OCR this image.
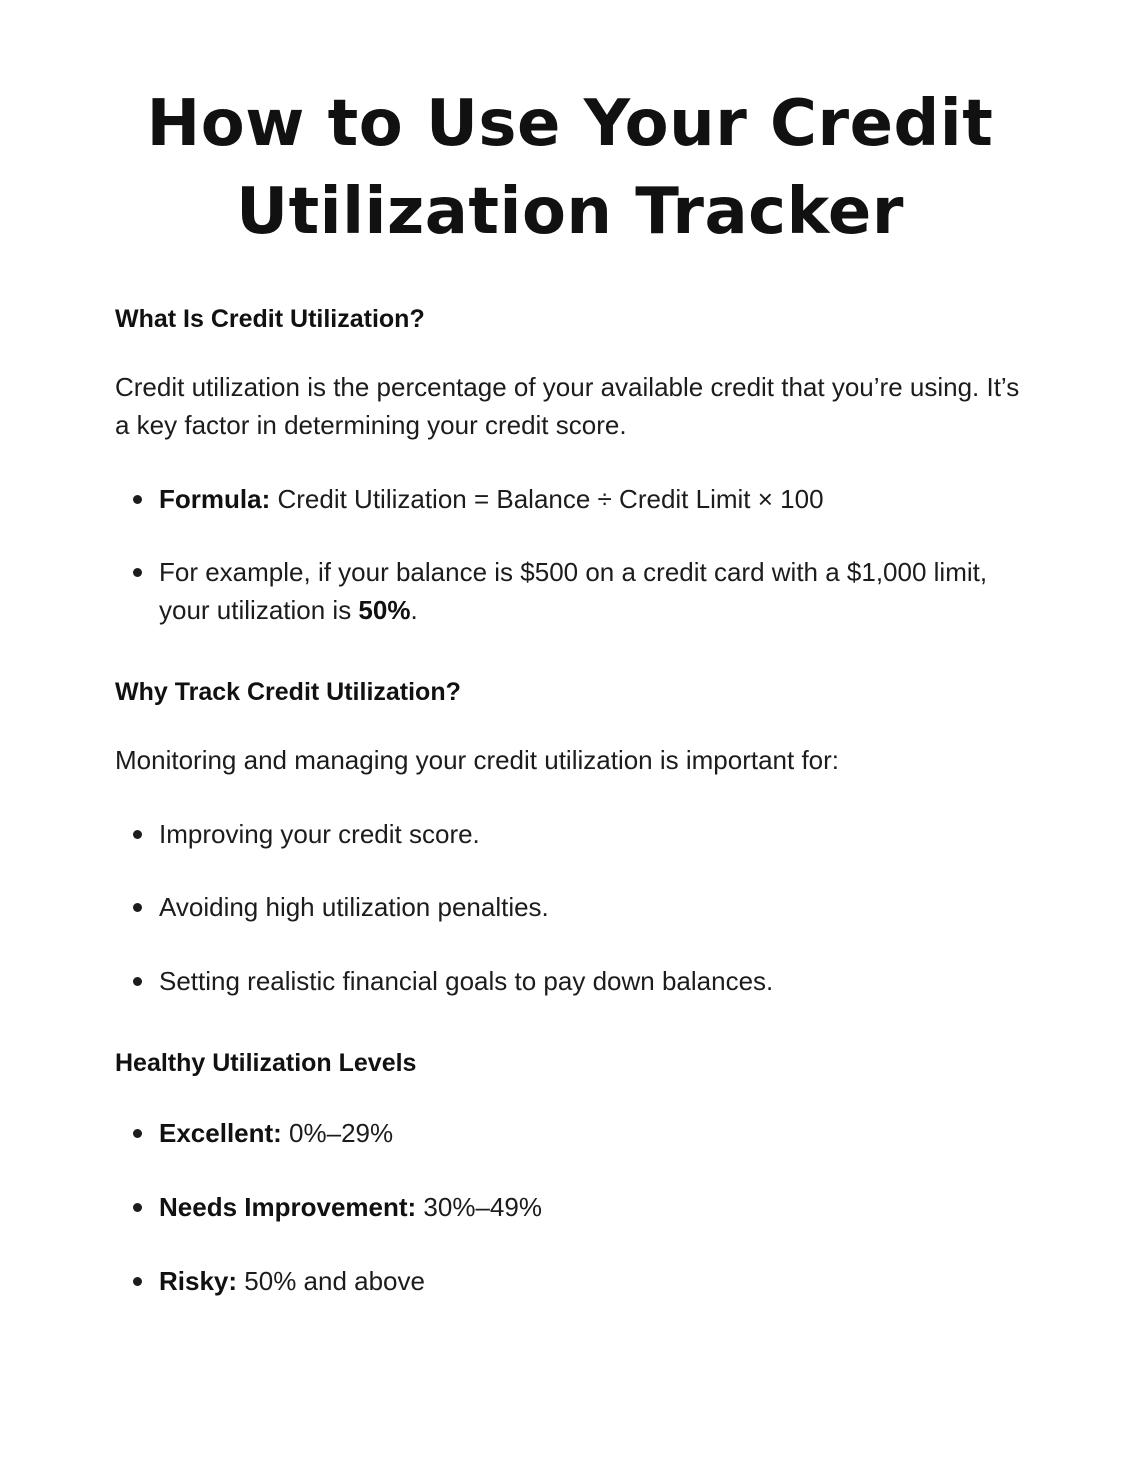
How to Use Your Credit
Utilization Tracker
What Is Credit Utilization?

Credit utilization is the percentage of your available credit that you’re using. It’s a key factor in determining your credit score.

Formula: Credit Utilization = Balance ÷ Credit Limit × 100
For example, if your balance is $500 on a credit card with a $1,000 limit, your utilization is 50%.
Why Track Credit Utilization?

Monitoring and managing your credit utilization is important for:

Improving your credit score.
Avoiding high utilization penalties.
Setting realistic financial goals to pay down balances.
Healthy Utilization Levels
Excellent: 0%–29%
Needs Improvement: 30%–49%
Risky: 50% and above
